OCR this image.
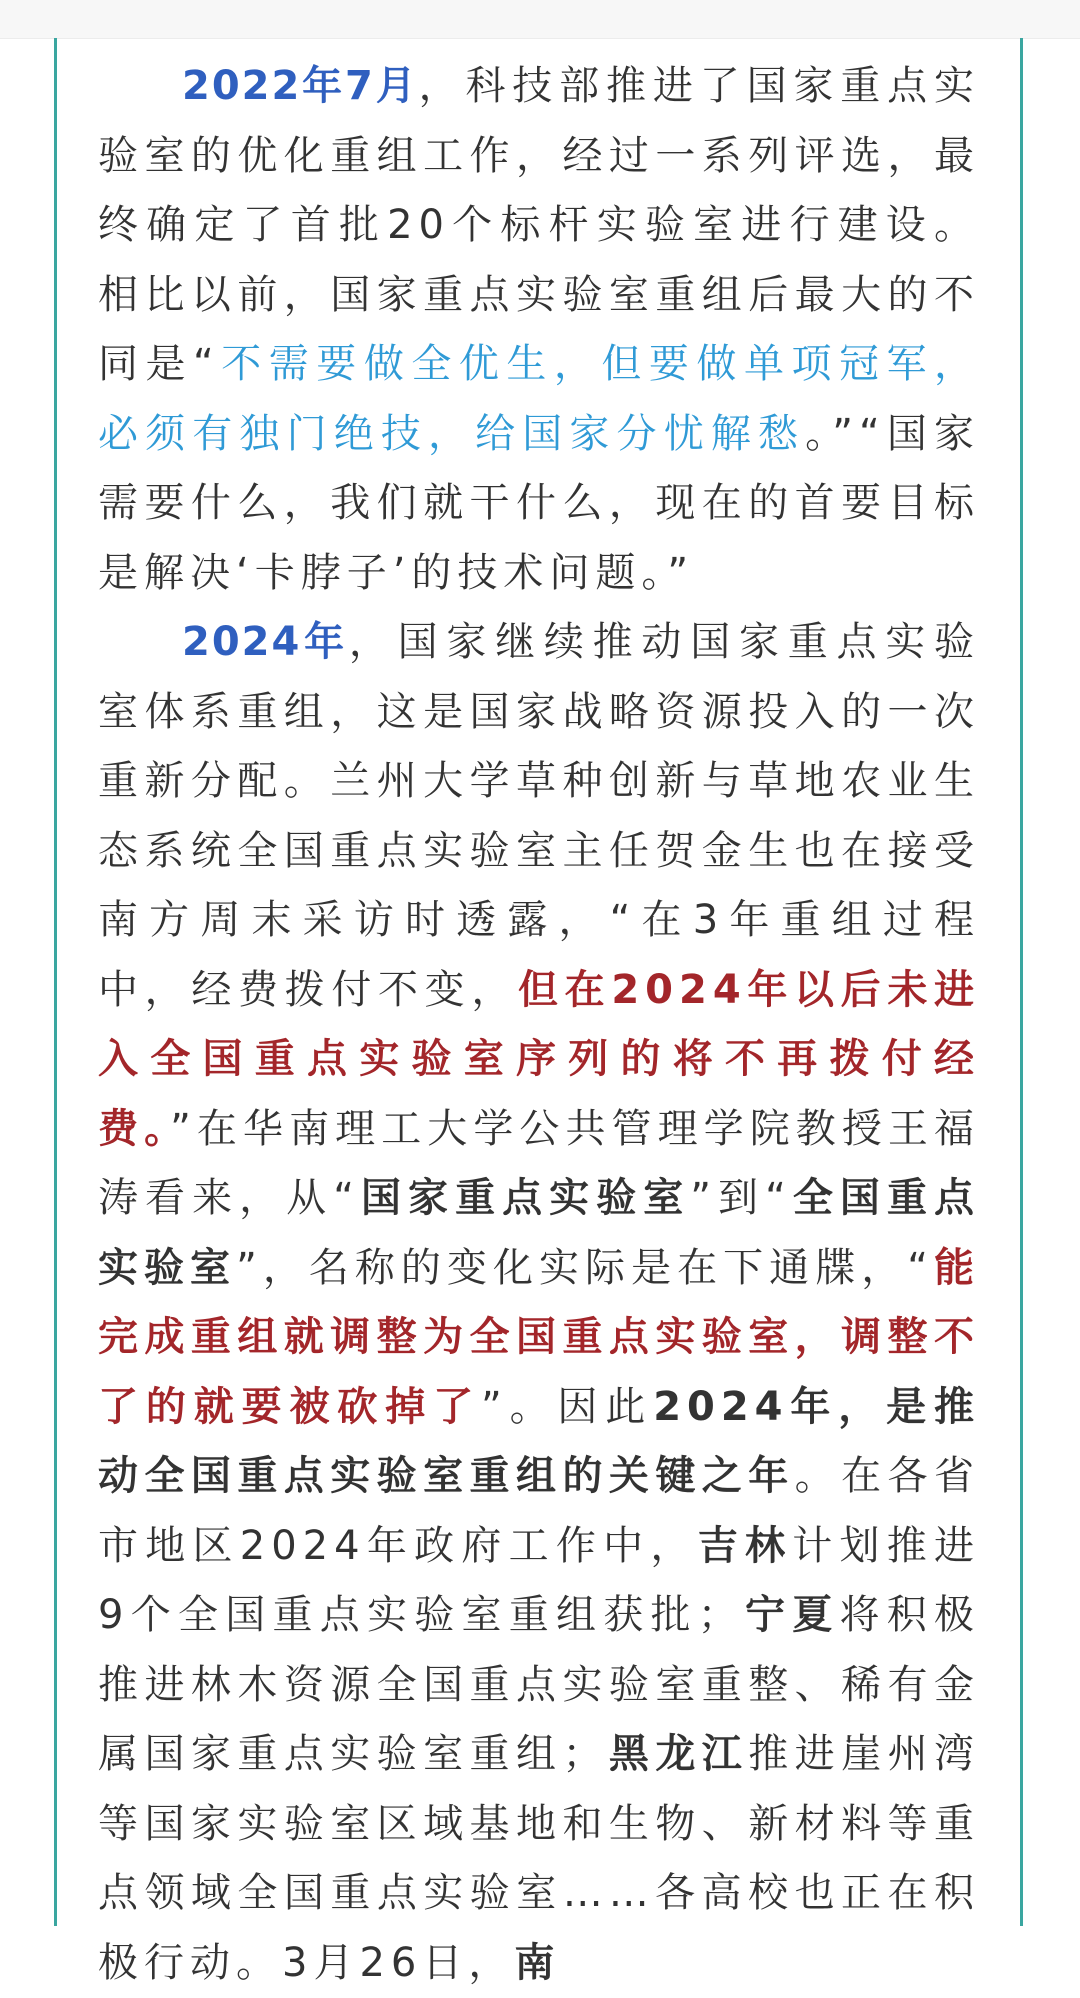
2022年7月，科技部推进了国家重点实验室的优化重组工作，经过一系列评选，最终确定了首批20个标杆实验室进行建设。相比以前，国家重点实验室重组后最大的不同是“不需要做全优生，但要做单项冠军，必须有独门绝技，给国家分忧解愁。”“国家需要什么，我们就干什么，现在的首要目标是解决‘卡脖子’的技术问题。”

2024年，国家继续推动国家重点实验室体系重组，这是国家战略资源投入的一次重新分配。兰州大学草种创新与草地农业生态系统全国重点实验室主任贺金生也在接受南方周末采访时透露，“在3年重组过程中，经费拨付不变，但在2024年以后未进入全国重点实验室序列的将不再拨付经费。”在华南理工大学公共管理学院教授王福涛看来，从“国家重点实验室”到“全国重点实验室”，名称的变化实际是在下通牒，“能完成重组就调整为全国重点实验室，调整不了的就要被砍掉了”。因此2024年，是推动全国重点实验室重组的关键之年。在各省市地区2024年政府工作中，吉林计划推进9个全国重点实验室重组获批；宁夏将积极推进林木资源全国重点实验室重整、稀有金属国家重点实验室重组；黑龙江推进崖州湾等国家实验室区域基地和生物、新材料等重点领域全国重点实验室……各高校也正在积极行动。3月26日，南
